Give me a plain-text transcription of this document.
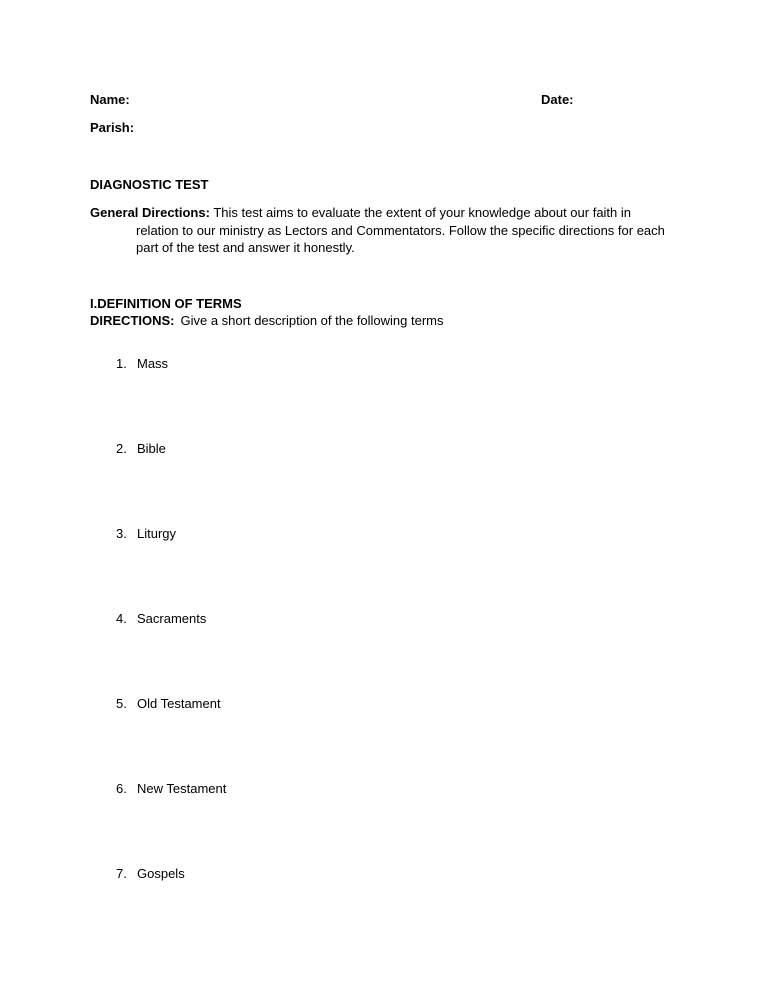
Name:	Date:
Parish:
DIAGNOSTIC TEST
General Directions: This test aims to evaluate the extent of your knowledge about our faith in relation to our ministry as Lectors and Commentators. Follow the specific directions for each part of the test and answer it honestly.
I.DEFINITION OF TERMS
DIRECTIONS: Give a short description of the following terms
1. Mass
2. Bible
3. Liturgy
4. Sacraments
5. Old Testament
6. New Testament
7. Gospels
